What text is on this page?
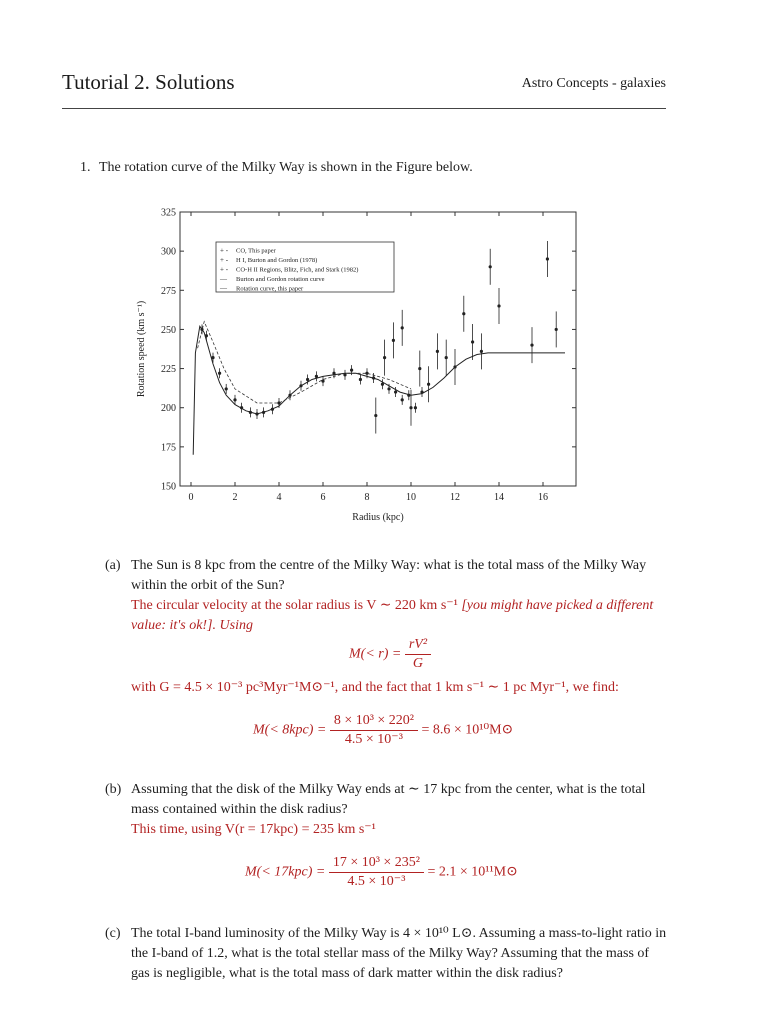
Tutorial 2. Solutions	Astro Concepts - galaxies
1. The rotation curve of the Milky Way is shown in the Figure below.
0	2	4	6	8	10	12	14	16
150
175
200
225
250
275
300
325
Radius (kpc)
Rotation speed (km s⁻¹)
+ - CO, This paper
+ - H I, Burton and Gordon (1978)
+ - CO-H II Regions, Blitz, Fich, and Stark (1982)
— Burton and Gordon rotation curve
— Rotation curve, this paper
(a) The Sun is 8 kpc from the centre of the Milky Way: what is the total mass of the Milky Way within the orbit of the Sun?
The circular velocity at the solar radius is V ∼ 220 km s⁻¹ [you might have picked a different value: it's ok!]. Using
$M(< r) = \frac{\text{rV²}}{G}$
with G = 4.5 × 10⁻³ pc³Myr⁻¹M⊙⁻¹, and the fact that 1 km s⁻¹ ∼ 1 pc Myr⁻¹, we find:
$M(< 8kpc) = \frac{\text{8 × 10³ × 220²}}{\text{4.5 × 10⁻³}} = 8.6$ × 10¹⁰M⊙
(b) Assuming that the disk of the Milky Way ends at ∼ 17 kpc from the center, what is the total mass contained within the disk radius?
This time, using V(r = 17kpc) = 235 km s⁻¹
$M(< 17kpc) = \frac{\text{17 × 10³ × 235²}}{\text{4.5 × 10⁻³}} = 2.1$ × 10¹¹M⊙
(c) The total I-band luminosity of the Milky Way is 4 × 10¹⁰ L⊙. Assuming a mass-to-light ratio in the I-band of 1.2, what is the total stellar mass of the Milky Way? Assuming that the mass of gas is negligible, what is the total mass of dark matter within the disk radius?
